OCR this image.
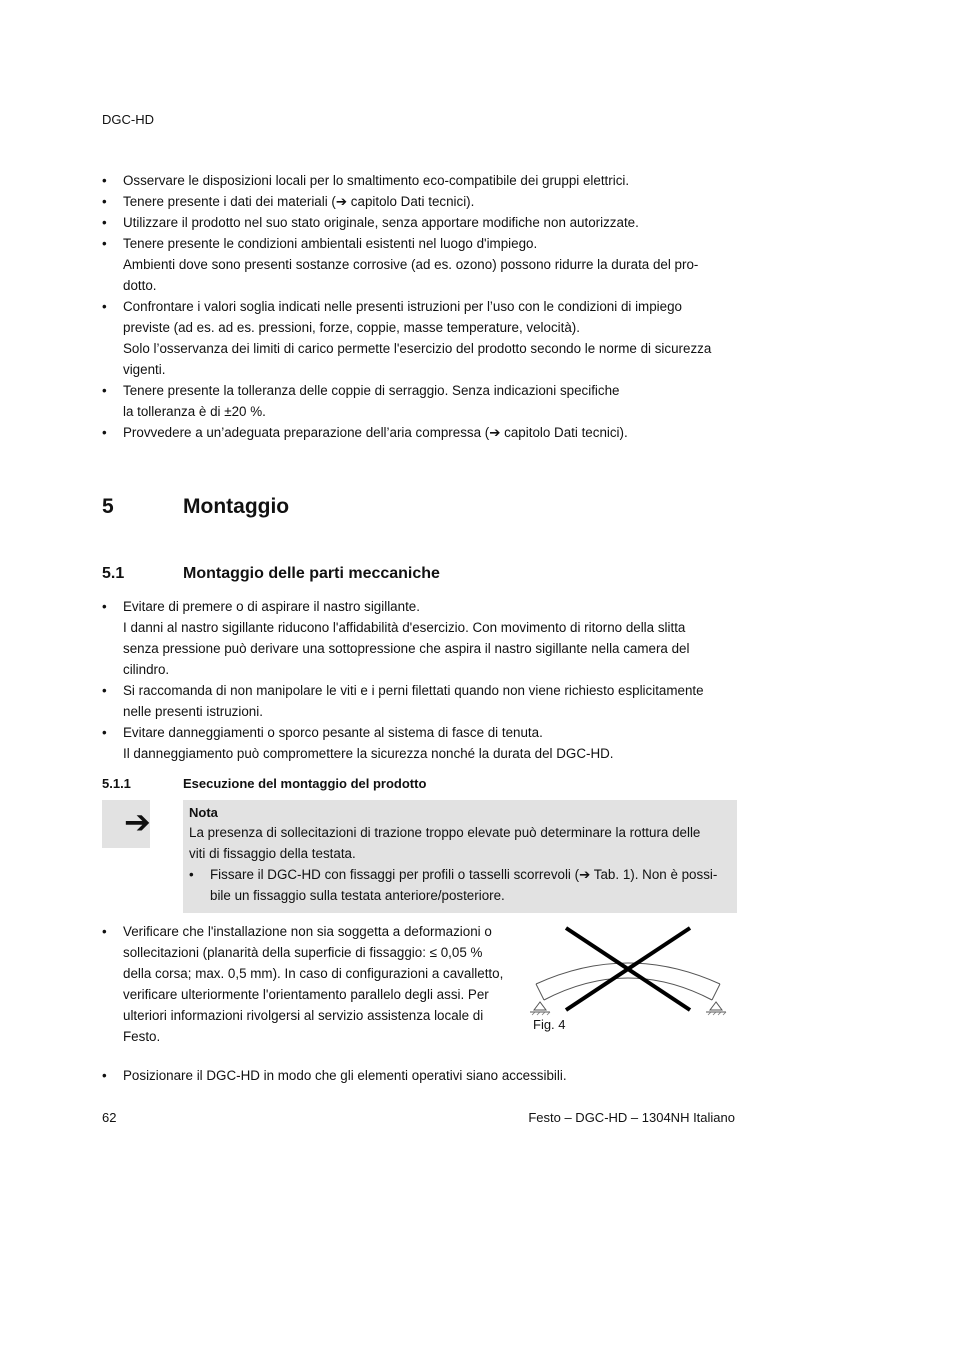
DGC-HD
• Osservare le disposizioni locali per lo smaltimento eco-compatibile dei gruppi elettrici.
• Tenere presente i dati dei materiali (➔ capitolo Dati tecnici).
• Utilizzare il prodotto nel suo stato originale, senza apportare modifiche non autorizzate.
• Tenere presente le condizioni ambientali esistenti nel luogo d'impiego.
Ambienti dove sono presenti sostanze corrosive (ad es. ozono) possono ridurre la durata del pro-
dotto.
• Confrontare i valori soglia indicati nelle presenti istruzioni per l’uso con le condizioni di impiego
previste (ad es. ad es. pressioni, forze, coppie, masse temperature, velocità).
Solo l’osservanza dei limiti di carico permette l'esercizio del prodotto secondo le norme di sicurezza
vigenti.
• Tenere presente la tolleranza delle coppie di serraggio. Senza indicazioni specifiche
la tolleranza è di ±20 %.
• Provvedere a un’adeguata preparazione dell’aria compressa (➔ capitolo Dati tecnici).
5	Montaggio
5.1	Montaggio delle parti meccaniche
• Evitare di premere o di aspirare il nastro sigillante.
I danni al nastro sigillante riducono l'affidabilità d'esercizio. Con movimento di ritorno della slitta
senza pressione può derivare una sottopressione che aspira il nastro sigillante nella camera del
cilindro.
• Si raccomanda di non manipolare le viti e i perni filettati quando non viene richiesto esplicitamente
nelle presenti istruzioni.
• Evitare danneggiamenti o sporco pesante al sistema di fasce di tenuta.
Il danneggiamento può compromettere la sicurezza nonché la durata del DGC-HD.
5.1.1	Esecuzione del montaggio del prodotto
➔	Nota
La presenza di sollecitazioni di trazione troppo elevate può determinare la rottura delle
viti di fissaggio della testata.
• Fissare il DGC-HD con fissaggi per profili o tasselli scorrevoli (➔ Tab. 1). Non è possi-
bile un fissaggio sulla testata anteriore/posteriore.
• Verificare che l'installazione non sia soggetta a deformazioni o
sollecitazioni (planarità della superficie di fissaggio: ≤ 0,05 %
della corsa; max. 0,5 mm). In caso di configurazioni a cavalletto,
verificare ulteriormente l'orientamento parallelo degli assi. Per
ulteriori informazioni rivolgersi al servizio assistenza locale di
Festo.
Fig. 4
• Posizionare il DGC-HD in modo che gli elementi operativi siano accessibili.
62	Festo – DGC-HD – 1304NH Italiano
